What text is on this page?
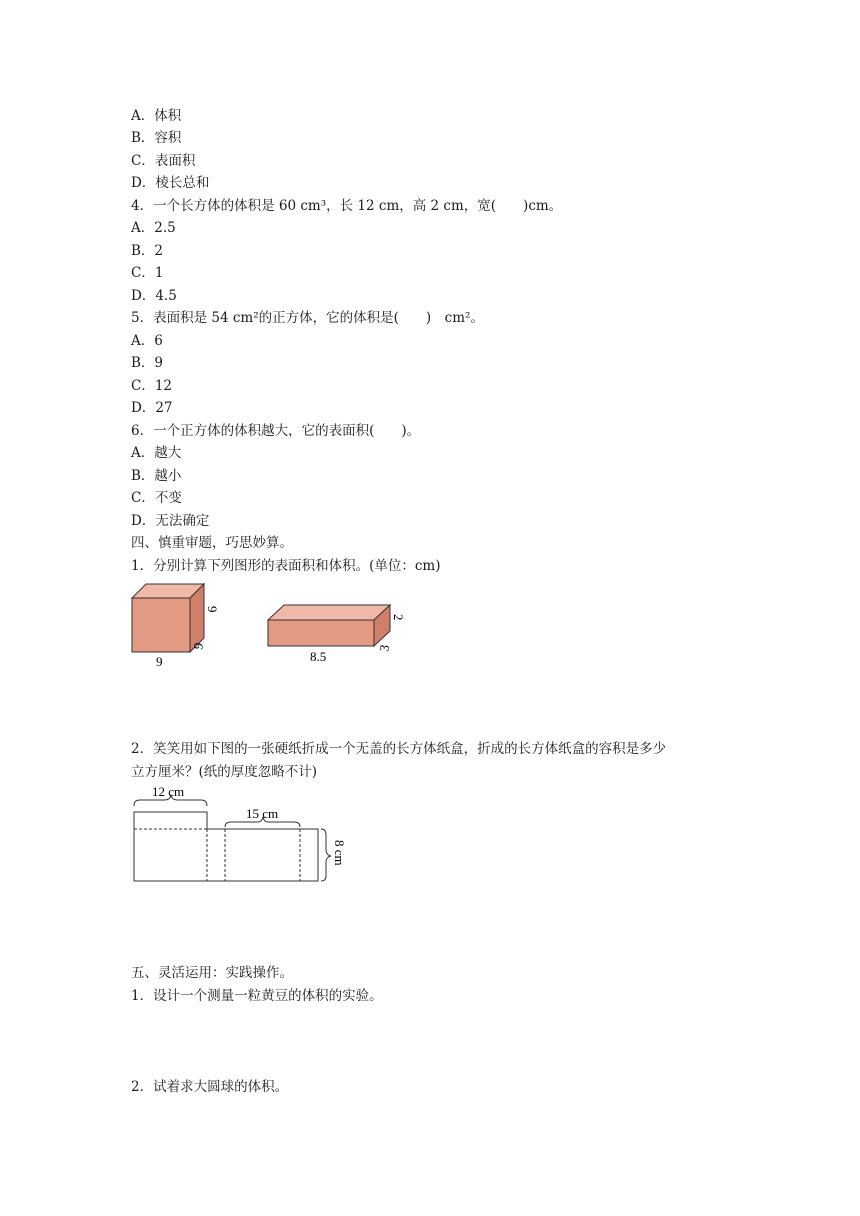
A．体积
B．容积
C．表面积
D．棱长总和
4．一个长方体的体积是 60 cm³，长 12 cm，高 2 cm，宽(　　)cm。
A．2.5
B．2
C．1
D．4.5
5．表面积是 54 cm²的正方体，它的体积是(　　)　cm²。
A．6
B．9
C．12
D．27
6．一个正方体的体积越大，它的表面积(　　)。
A．越大
B．越小
C．不变
D．无法确定
四、慎重审题，巧思妙算。
1．分别计算下列图形的表面积和体积。(单位：cm)
9
9
9
8.5
3
2
2．笑笑用如下图的一张硬纸折成一个无盖的长方体纸盒，折成的长方体纸盒的容积是多少
立方厘米？(纸的厚度忽略不计)
12 cm
15 cm
8 cm
五、灵活运用：实践操作。
1．设计一个测量一粒黄豆的体积的实验。
2．试着求大圆球的体积。
